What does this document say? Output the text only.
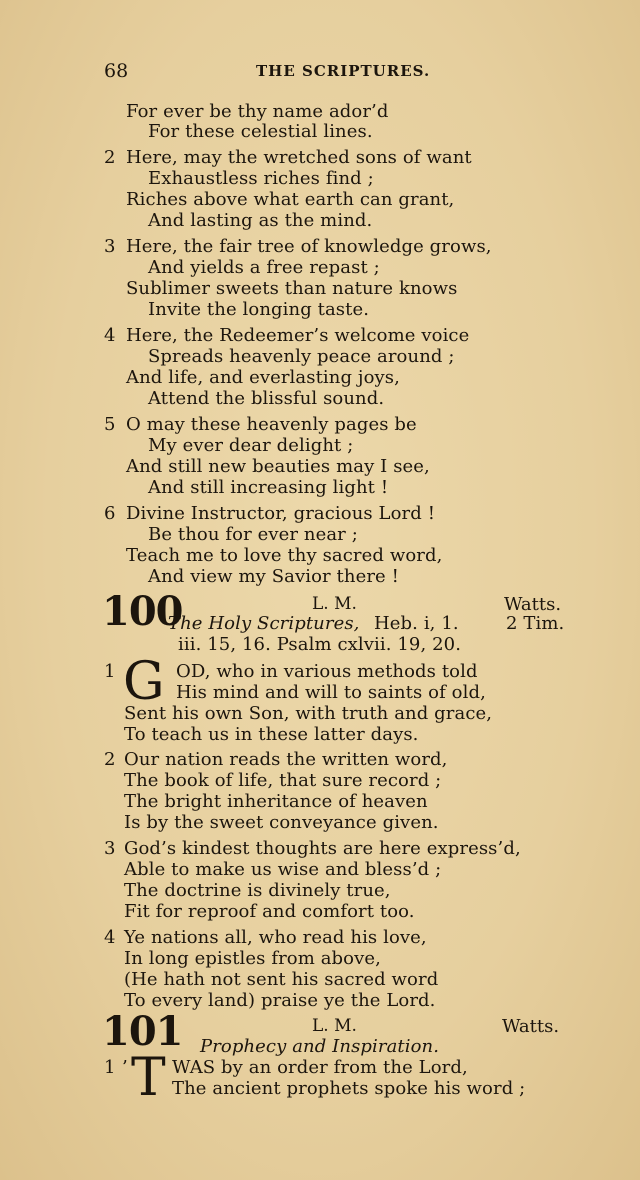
68	THE SCRIPTURES.
For ever be thy name ador’d
For these celestial lines.
2 Here, may the wretched sons of want
Exhaustless riches find ;
Riches above what earth can grant,
And lasting as the mind.
3 Here, the fair tree of knowledge grows,
And yields a free repast ;
Sublimer sweets than nature knows
Invite the longing taste.
4 Here, the Redeemer’s welcome voice
Spreads heavenly peace around ;
And life, and everlasting joys,
Attend the blissful sound.
5 O may these heavenly pages be
My ever dear delight ;
And still new beauties may I see,
And still increasing light !
6 Divine Instructor, gracious Lord !
Be thou for ever near ;
Teach me to love thy sacred word,
And view my Savior there !
100	L. M.	Watts.
The Holy Scriptures, Heb. i, 1.	2 Tim.
iii. 15, 16. Psalm cxlvii. 19, 20.
1 G OD, who in various methods told
His mind and will to saints of old,
Sent his own Son, with truth and grace,
To teach us in these latter days.
2 Our nation reads the written word,
The book of life, that sure record ;
The bright inheritance of heaven
Is by the sweet conveyance given.
3 God’s kindest thoughts are here express’d,
Able to make us wise and bless’d ;
The doctrine is divinely true,
Fit for reproof and comfort too.
4 Ye nations all, who read his love,
In long epistles from above,
(He hath not sent his sacred word
To every land) praise ye the Lord.
101	L. M.	Watts.
Prophecy and Inspiration.
1 ’ T WAS by an order from the Lord,
The ancient prophets spoke his word ;
